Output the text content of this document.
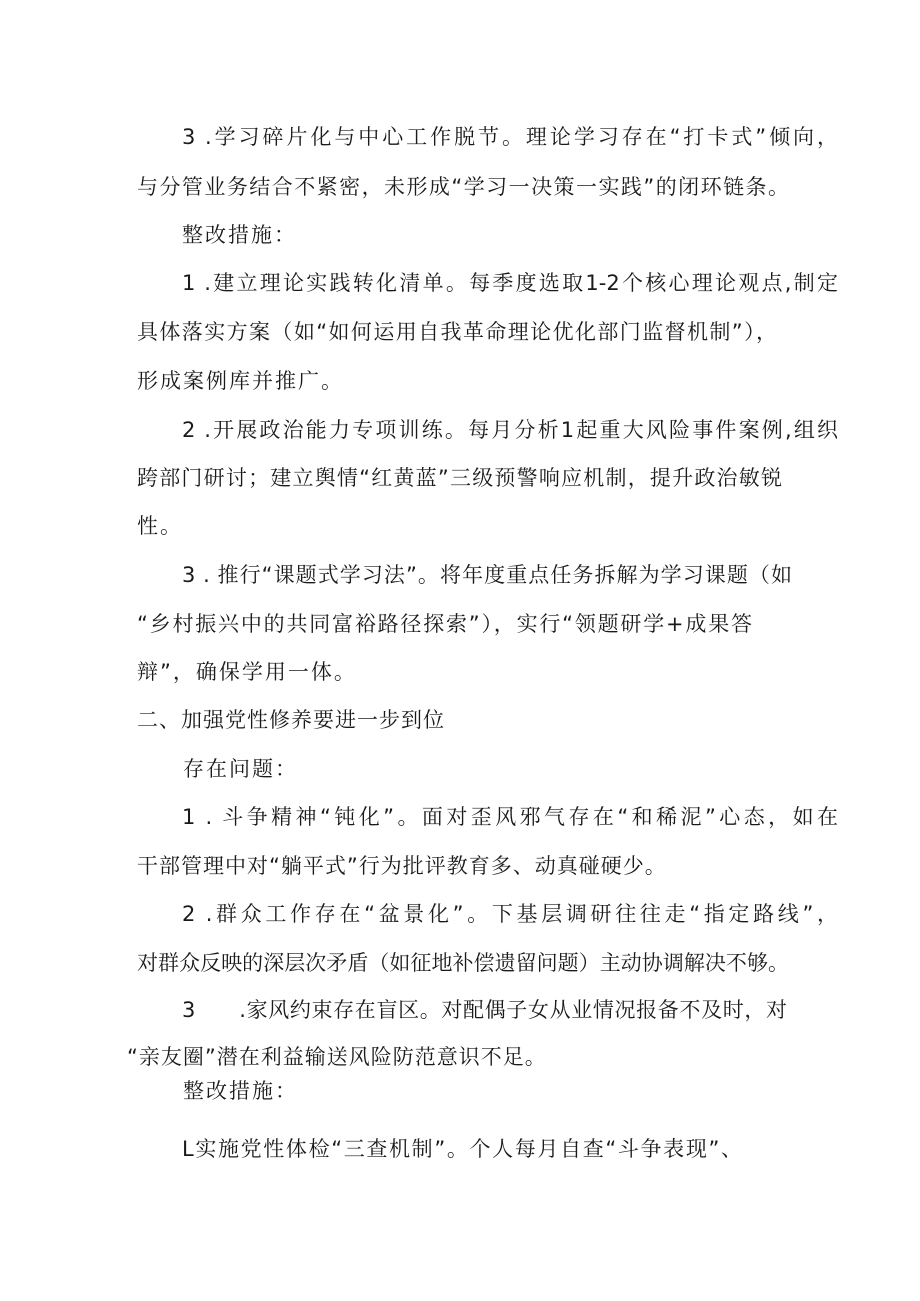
3 .学习碎片化与中心工作脱节。理论学习存在“打卡式”倾向，
与分管业务结合不紧密，未形成“学习一决策一实践”的闭环链条。
整改措施：
1 .建立理论实践转化清单。每季度选取1-2个核心理论观点,制定
具体落实方案（如“如何运用自我革命理论优化部门监督机制”），
形成案例库并推广。
2 .开展政治能力专项训练。每月分析1起重大风险事件案例,组织
跨部门研讨；建立舆情“红黄蓝”三级预警响应机制，提升政治敏锐
性。
3 . 推行“课题式学习法”。将年度重点任务拆解为学习课题（如
“乡村振兴中的共同富裕路径探索”），实行“领题研学+成果答
辩”，确保学用一体。
二、加强党性修养要进一步到位
存在问题：
1 . 斗争精神“钝化”。面对歪风邪气存在“和稀泥”心态，如在
干部管理中对“躺平式”行为批评教育多、动真碰硬少。
2 .群众工作存在“盆景化”。下基层调研往往走“指定路线”，
对群众反映的深层次矛盾（如征地补偿遗留问题）主动协调解决不够。
3　　.家风约束存在盲区。对配偶子女从业情况报备不及时，对
“亲友圈”潜在利益输送风险防范意识不足。
整改措施：
L实施党性体检“三查机制”。个人每月自查“斗争表现”、
